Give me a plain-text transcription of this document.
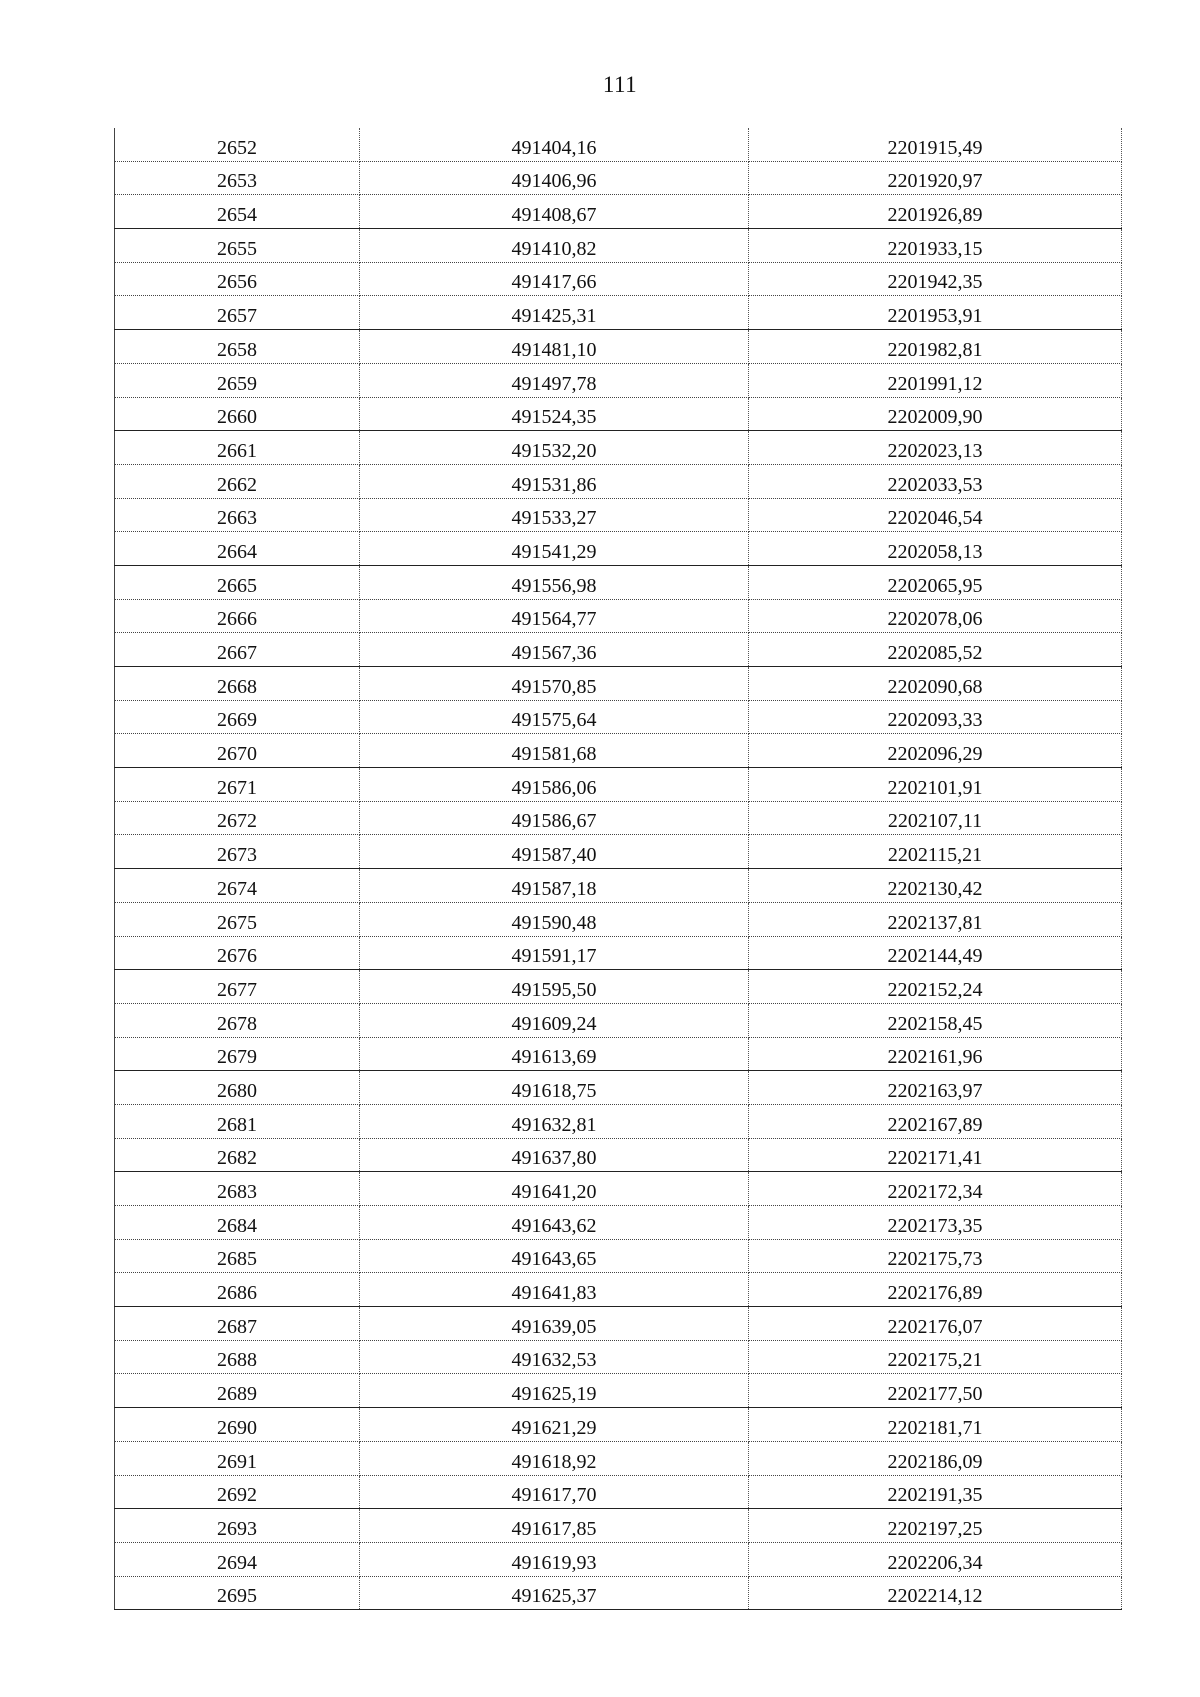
111
2652	491404,16	2201915,49
2653	491406,96	2201920,97
2654	491408,67	2201926,89
2655	491410,82	2201933,15
2656	491417,66	2201942,35
2657	491425,31	2201953,91
2658	491481,10	2201982,81
2659	491497,78	2201991,12
2660	491524,35	2202009,90
2661	491532,20	2202023,13
2662	491531,86	2202033,53
2663	491533,27	2202046,54
2664	491541,29	2202058,13
2665	491556,98	2202065,95
2666	491564,77	2202078,06
2667	491567,36	2202085,52
2668	491570,85	2202090,68
2669	491575,64	2202093,33
2670	491581,68	2202096,29
2671	491586,06	2202101,91
2672	491586,67	2202107,11
2673	491587,40	2202115,21
2674	491587,18	2202130,42
2675	491590,48	2202137,81
2676	491591,17	2202144,49
2677	491595,50	2202152,24
2678	491609,24	2202158,45
2679	491613,69	2202161,96
2680	491618,75	2202163,97
2681	491632,81	2202167,89
2682	491637,80	2202171,41
2683	491641,20	2202172,34
2684	491643,62	2202173,35
2685	491643,65	2202175,73
2686	491641,83	2202176,89
2687	491639,05	2202176,07
2688	491632,53	2202175,21
2689	491625,19	2202177,50
2690	491621,29	2202181,71
2691	491618,92	2202186,09
2692	491617,70	2202191,35
2693	491617,85	2202197,25
2694	491619,93	2202206,34
2695	491625,37	2202214,12
